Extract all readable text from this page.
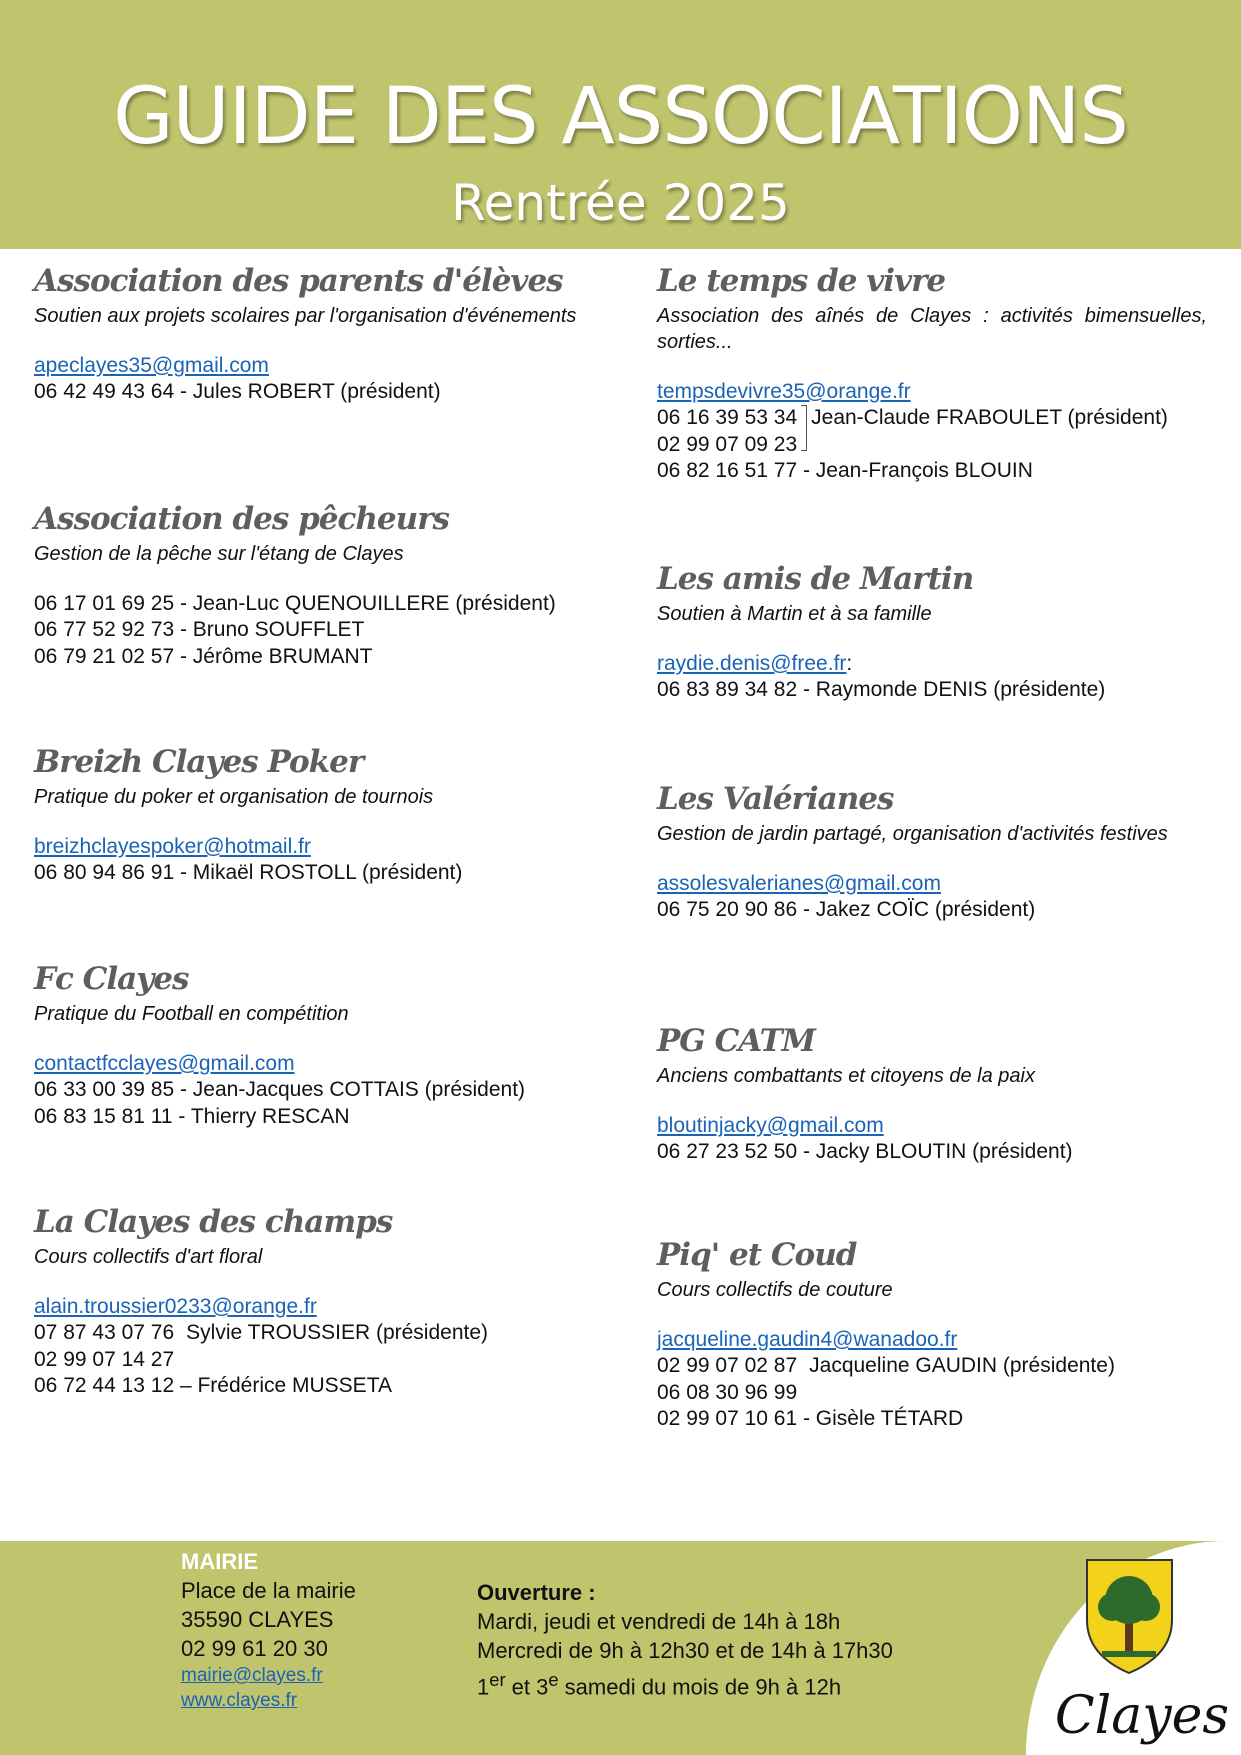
GUIDE DES ASSOCIATIONS
Rentrée 2025
Association des parents d'élèves
Soutien aux projets scolaires par l'organisation d'événements
apeclayes35@gmail.com
06 42 49 43 64 - Jules ROBERT (président)
Association des pêcheurs
Gestion de la pêche sur l'étang de Clayes
06 17 01 69 25 - Jean-Luc QUENOUILLERE (président)
06 77 52 92 73 - Bruno SOUFFLET
06 79 21 02 57 - Jérôme BRUMANT
Breizh Clayes Poker
Pratique du poker et organisation de tournois
breizhclayespoker@hotmail.fr
06 80 94 86 91 - Mikaël ROSTOLL (président)
Fc Clayes
Pratique du Football en compétition
contactfcclayes@gmail.com
06 33 00 39 85 - Jean-Jacques COTTAIS (président)
06 83 15 81 11 - Thierry RESCAN
La Clayes des champs
Cours collectifs d'art floral
alain.troussier0233@orange.fr
07 87 43 07 76
02 99 07 14 27
Sylvie TROUSSIER (présidente)
06 72 44 13 12 – Frédérice MUSSETA
Le temps de vivre
Association des aînés de Clayes : activités bimensuelles, sorties...
tempsdevivre35@orange.fr
06 16 39 53 34
02 99 07 09 23
Jean-Claude FRABOULET (président)
06 82 16 51 77 - Jean-François BLOUIN
Les amis de Martin
Soutien à Martin et à sa famille
raydie.denis@free.fr:
06 83 89 34 82 - Raymonde DENIS (présidente)
Les Valérianes
Gestion de jardin partagé, organisation d'activités festives
assolesvalerianes@gmail.com
06 75 20 90 86 - Jakez COÏC (président)
PG CATM
Anciens combattants et citoyens de la paix
bloutinjacky@gmail.com
06 27 23 52 50 - Jacky BLOUTIN (président)
Piq' et Coud
Cours collectifs de couture
jacqueline.gaudin4@wanadoo.fr
02 99 07 02 87
06 08 30 96 99
Jacqueline GAUDIN (présidente)
02 99 07 10 61 - Gisèle TÉTARD
MAIRIE
Place de la mairie
35590 CLAYES
02 99 61 20 30
mairie@clayes.fr
www.clayes.fr
Ouverture :
Mardi, jeudi et vendredi de 14h à 18h
Mercredi de 9h à 12h30 et de 14h à 17h30
1er et 3e samedi du mois de 9h à 12h	Clayes
